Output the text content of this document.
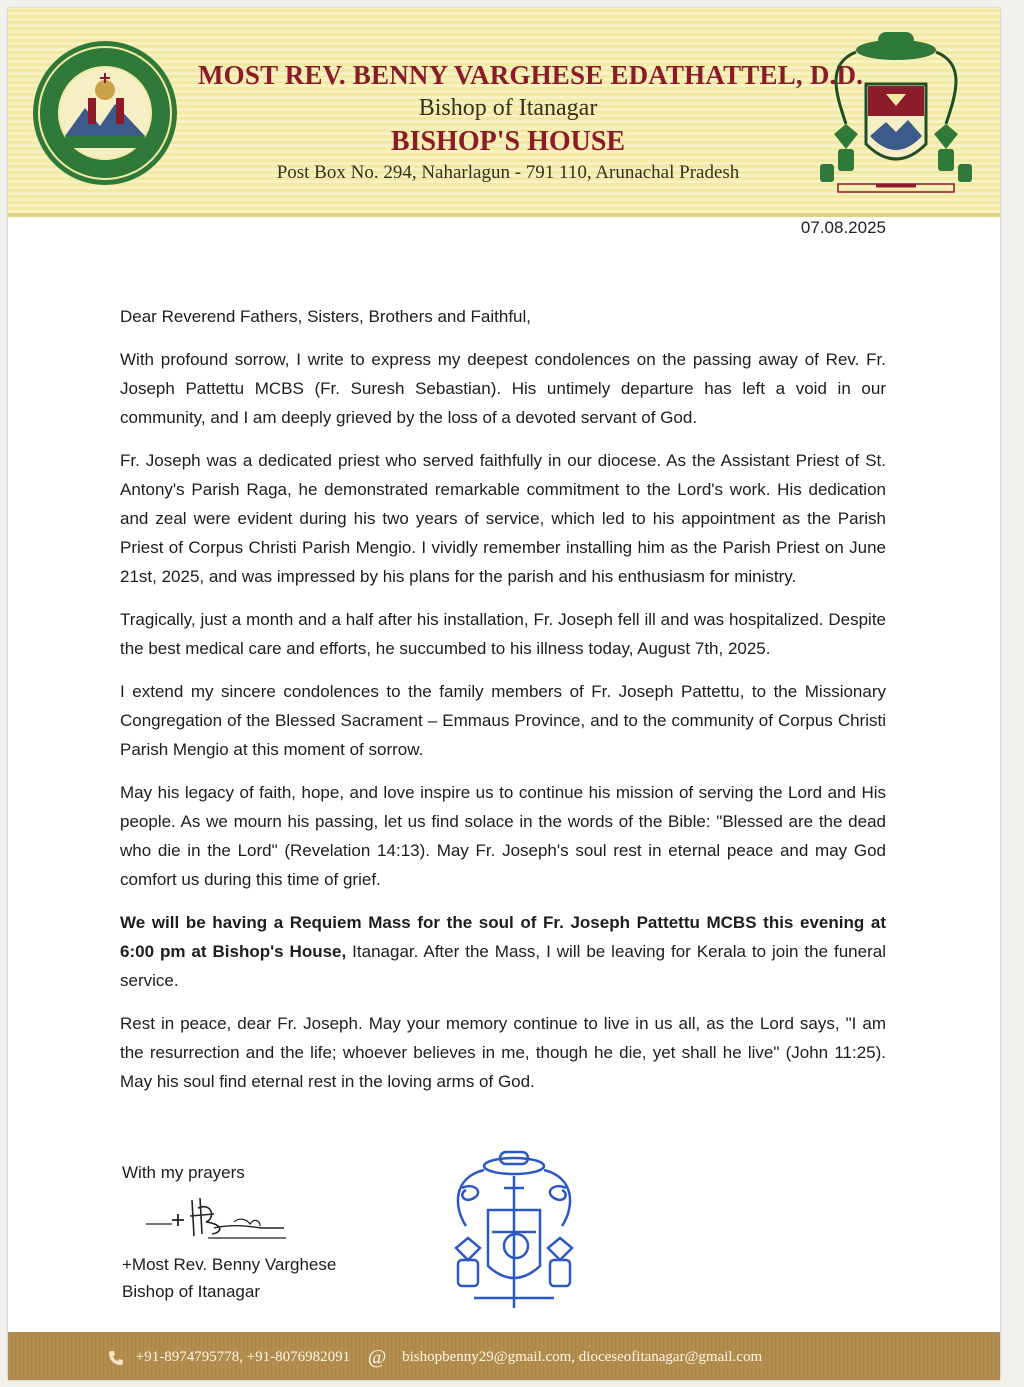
MOST REV. BENNY VARGHESE EDATHATTEL, D.D.
Bishop of Itanagar
BISHOP'S HOUSE
Post Box No. 294, Naharlagun - 791 110, Arunachal Pradesh
07.08.2025

Dear Reverend Fathers, Sisters, Brothers and Faithful,

With profound sorrow, I write to express my deepest condolences on the passing away of Rev. Fr. Joseph Pattettu MCBS (Fr. Suresh Sebastian). His untimely departure has left a void in our community, and I am deeply grieved by the loss of a devoted servant of God.

Fr. Joseph was a dedicated priest who served faithfully in our diocese. As the Assistant Priest of St. Antony's Parish Raga, he demonstrated remarkable commitment to the Lord's work. His dedication and zeal were evident during his two years of service, which led to his appointment as the Parish Priest of Corpus Christi Parish Mengio. I vividly remember installing him as the Parish Priest on June 21st, 2025, and was impressed by his plans for the parish and his enthusiasm for ministry.

Tragically, just a month and a half after his installation, Fr. Joseph fell ill and was hospitalized. Despite the best medical care and efforts, he succumbed to his illness today, August 7th, 2025.

I extend my sincere condolences to the family members of Fr. Joseph Pattettu, to the Missionary Congregation of the Blessed Sacrament – Emmaus Province, and to the community of Corpus Christi Parish Mengio at this moment of sorrow.

May his legacy of faith, hope, and love inspire us to continue his mission of serving the Lord and His people. As we mourn his passing, let us find solace in the words of the Bible: "Blessed are the dead who die in the Lord" (Revelation 14:13). May Fr. Joseph's soul rest in eternal peace and may God comfort us during this time of grief.

We will be having a Requiem Mass for the soul of Fr. Joseph Pattettu MCBS this evening at 6:00 pm at Bishop's House, Itanagar. After the Mass, I will be leaving for Kerala to join the funeral service.

Rest in peace, dear Fr. Joseph. May your memory continue to live in us all, as the Lord says, "I am the resurrection and the life; whoever believes in me, though he die, yet shall he live" (John 11:25). May his soul find eternal rest in the loving arms of God.

With my prayers
+Most Rev. Benny Varghese
Bishop of Itanagar
+91-8974795778, +91-8076982091 @ bishopbenny29@gmail.com, dioceseofitanagar@gmail.com
